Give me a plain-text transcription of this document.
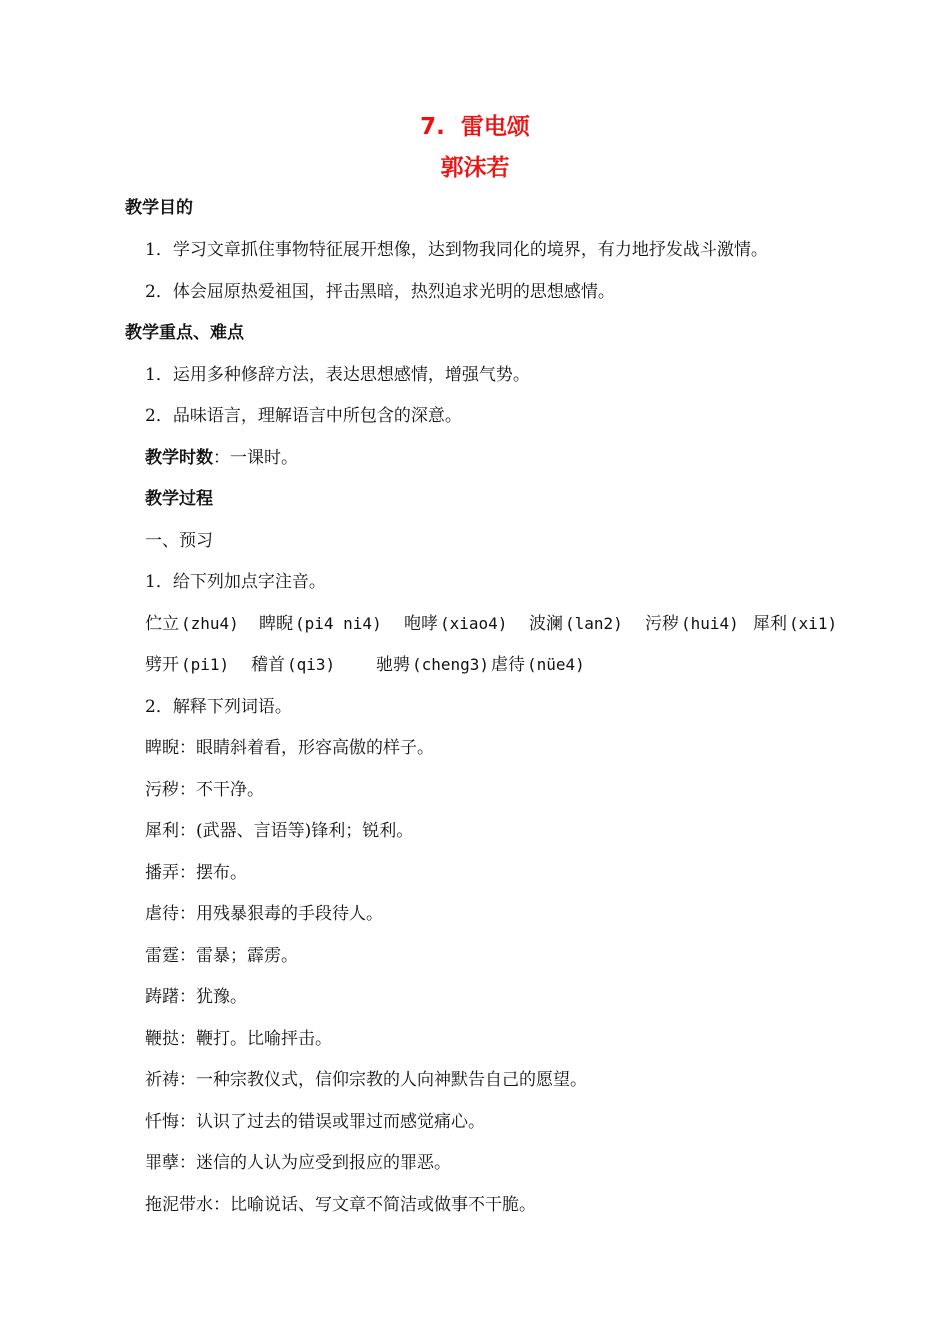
7.  雷电颂
郭沫若
教学目的
1．学习文章抓住事物特征展开想像，达到物我同化的境界，有力地抒发战斗激情。
2．体会屈原热爱祖国，抨击黑暗，热烈追求光明的思想感情。
教学重点、难点
1．运用多种修辞方法，表达思想感情，增强气势。
2．品味语言，理解语言中所包含的深意。
教学时数：一课时。
教学过程
一、预习
1．给下列加点字注音。

伫立

(zhu4)

睥睨

(pi4 ni4)

咆哮

(xiao4)

波澜

(lan2)

污秽

(hui4)

犀利

(xi1)

劈开

(pi1)

稽首

(qi3)

驰骋

(cheng3)

虐待

(nüe4)

2．解释下列词语。
睥睨：眼睛斜着看，形容高傲的样子。
污秽：不干净。
犀利：(武器、言语等)锋利；锐利。
播弄：摆布。
虐待：用残暴狠毒的手段待人。
雷霆：雷暴；霹雳。
踌躇：犹豫。
鞭挞：鞭打。比喻抨击。
祈祷：一种宗教仪式，信仰宗教的人向神默告自己的愿望。
忏悔：认识了过去的错误或罪过而感觉痛心。
罪孽：迷信的人认为应受到报应的罪恶。
拖泥带水：比喻说话、写文章不简洁或做事不干脆。
